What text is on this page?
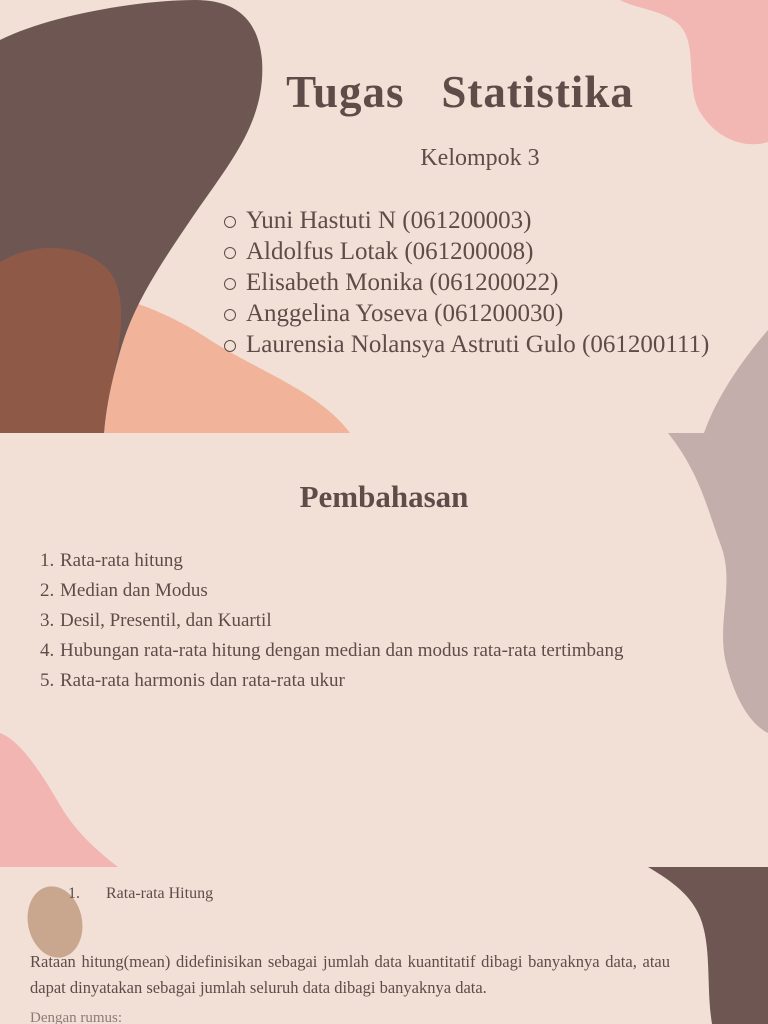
Tugas   Statistika
Kelompok 3
Yuni Hastuti N (061200003)
Aldolfus Lotak (061200008)
Elisabeth Monika (061200022)
Anggelina Yoseva (061200030)
Laurensia Nolansya Astruti Gulo (061200111)
Pembahasan
1. Rata-rata hitung
2. Median dan Modus
3. Desil, Presentil, dan Kuartil
4. Hubungan rata-rata hitung dengan median dan modus rata-rata tertimbang
5. Rata-rata harmonis dan rata-rata ukur
1. Rata-rata Hitung
Rataan hitung(mean) didefinisikan sebagai jumlah data kuantitatif dibagi banyaknya data, atau dapat dinyatakan sebagai jumlah seluruh data dibagi banyaknya data.
Dengan rumus:
